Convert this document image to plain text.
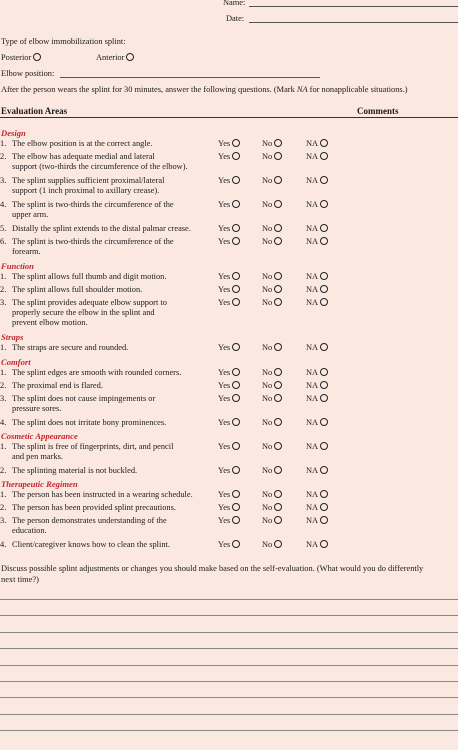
Name:
Date:
Type of elbow immobilization splint:
Posterior	Anterior
Elbow position:
After the person wears the splint for 30 minutes, answer the following questions. (Mark NA for nonapplicable situations.)
Evaluation Areas	Comments
Design
1. The elbow position is at the correct angle.	Yes	No	NA
2. The elbow has adequate medial and lateral
support (two-thirds the circumference of the elbow).
Yes	No	NA
3. The splint supplies sufficient proximal/lateral
support (1 inch proximal to axillary crease).
Yes	No	NA
4. The splint is two-thirds the circumference of the
upper arm.
Yes	No	NA
5. Distally the splint extends to the distal palmar crease.	Yes	No	NA
6. The splint is two-thirds the circumference of the
forearm.
Yes	No	NA
Function
1. The splint allows full thumb and digit motion.	Yes	No	NA
2. The splint allows full shoulder motion.	Yes	No	NA
3. The splint provides adequate elbow support to
properly secure the elbow in the splint and
prevent elbow motion.
Yes	No	NA
Straps
1. The straps are secure and rounded.	Yes	No	NA
Comfort
1. The splint edges are smooth with rounded corners.	Yes	No	NA
2. The proximal end is flared.	Yes	No	NA
3. The splint does not cause impingements or
pressure sores.
Yes	No	NA
4. The splint does not irritate bony prominences.	Yes	No	NA
Cosmetic Appearance
1. The splint is free of fingerprints, dirt, and pencil
and pen marks.
Yes	No	NA
2. The splinting material is not buckled.	Yes	No	NA
Therapeutic Regimen
1. The person has been instructed in a wearing schedule.	Yes	No	NA
2. The person has been provided splint precautions.	Yes	No	NA
3. The person demonstrates understanding of the
education.
Yes	No	NA
4. Client/caregiver knows how to clean the splint.	Yes	No	NA
Discuss possible splint adjustments or changes you should make based on the self-evaluation. (What would you do differently
next time?)
